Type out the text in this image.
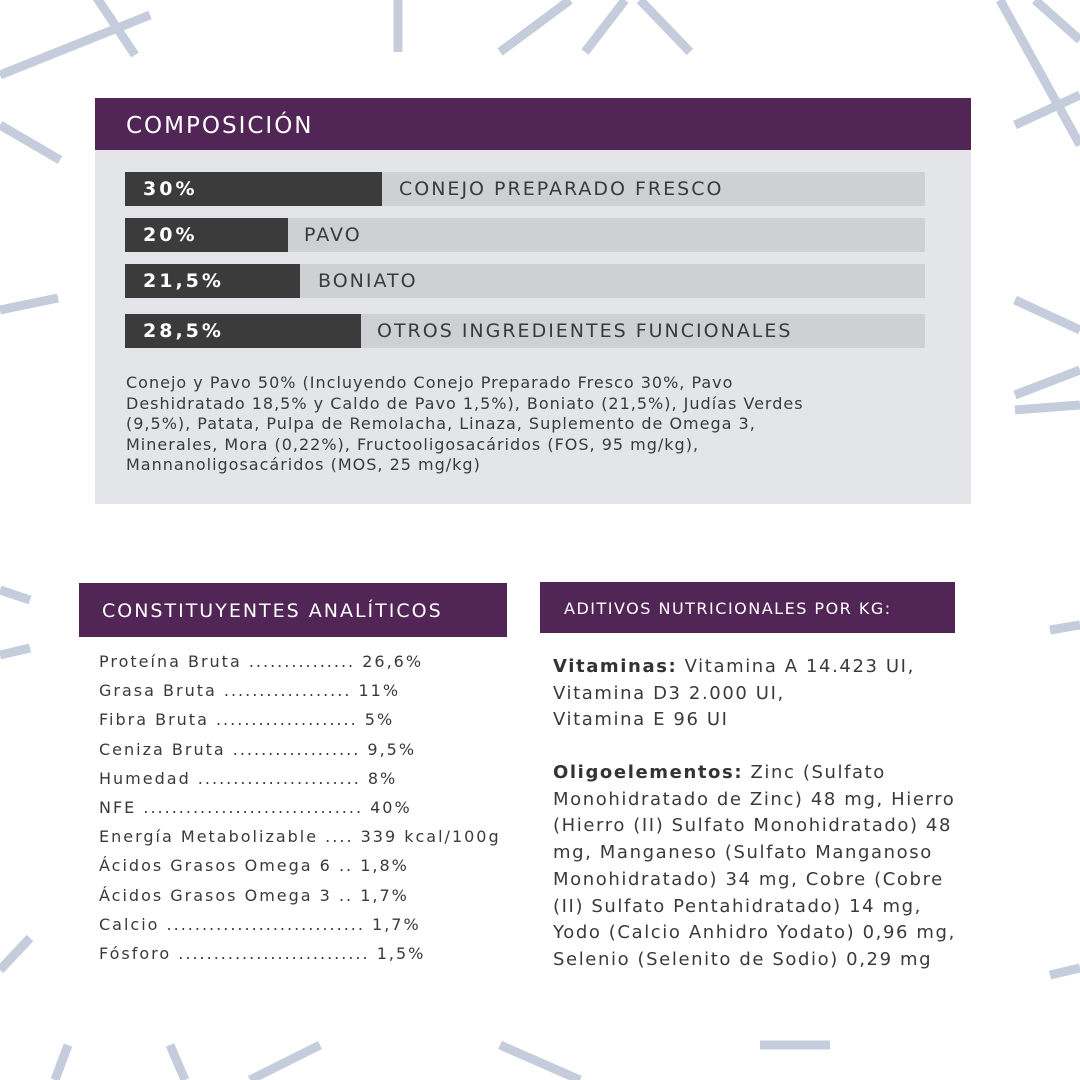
COMPOSICIÓN
30%	CONEJO PREPARADO FRESCO
20%	PAVO
21,5%	BONIATO
28,5%	OTROS INGREDIENTES FUNCIONALES
Conejo y Pavo 50% (Incluyendo Conejo Preparado Fresco 30%, Pavo
Deshidratado 18,5% y Caldo de Pavo 1,5%), Boniato (21,5%), Judías Verdes
(9,5%), Patata, Pulpa de Remolacha, Linaza, Suplemento de Omega 3,
Minerales, Mora (0,22%), Fructooligosacáridos (FOS, 95 mg/kg),
Mannanoligosacáridos (MOS, 25 mg/kg)
CONSTITUYENTES ANALÍTICOS
Proteína Bruta ............... 26,6%
Grasa Bruta .................. 11%
Fibra Bruta .................... 5%
Ceniza Bruta .................. 9,5%
Humedad ....................... 8%
NFE ............................... 40%
Energía Metabolizable .... 339 kcal/100g
Ácidos Grasos Omega 6 .. 1,8%
Ácidos Grasos Omega 3 .. 1,7%
Calcio ............................ 1,7%
Fósforo ........................... 1,5%
ADITIVOS NUTRICIONALES POR KG:
Vitaminas: Vitamina A 14.423 UI,
Vitamina D3 2.000 UI,
Vitamina E 96 UI
Oligoelementos: Zinc (Sulfato
Monohidratado de Zinc) 48 mg, Hierro
(Hierro (II) Sulfato Monohidratado) 48
mg, Manganeso (Sulfato Manganoso
Monohidratado) 34 mg, Cobre (Cobre
(II) Sulfato Pentahidratado) 14 mg,
Yodo (Calcio Anhidro Yodato) 0,96 mg,
Selenio (Selenito de Sodio) 0,29 mg
